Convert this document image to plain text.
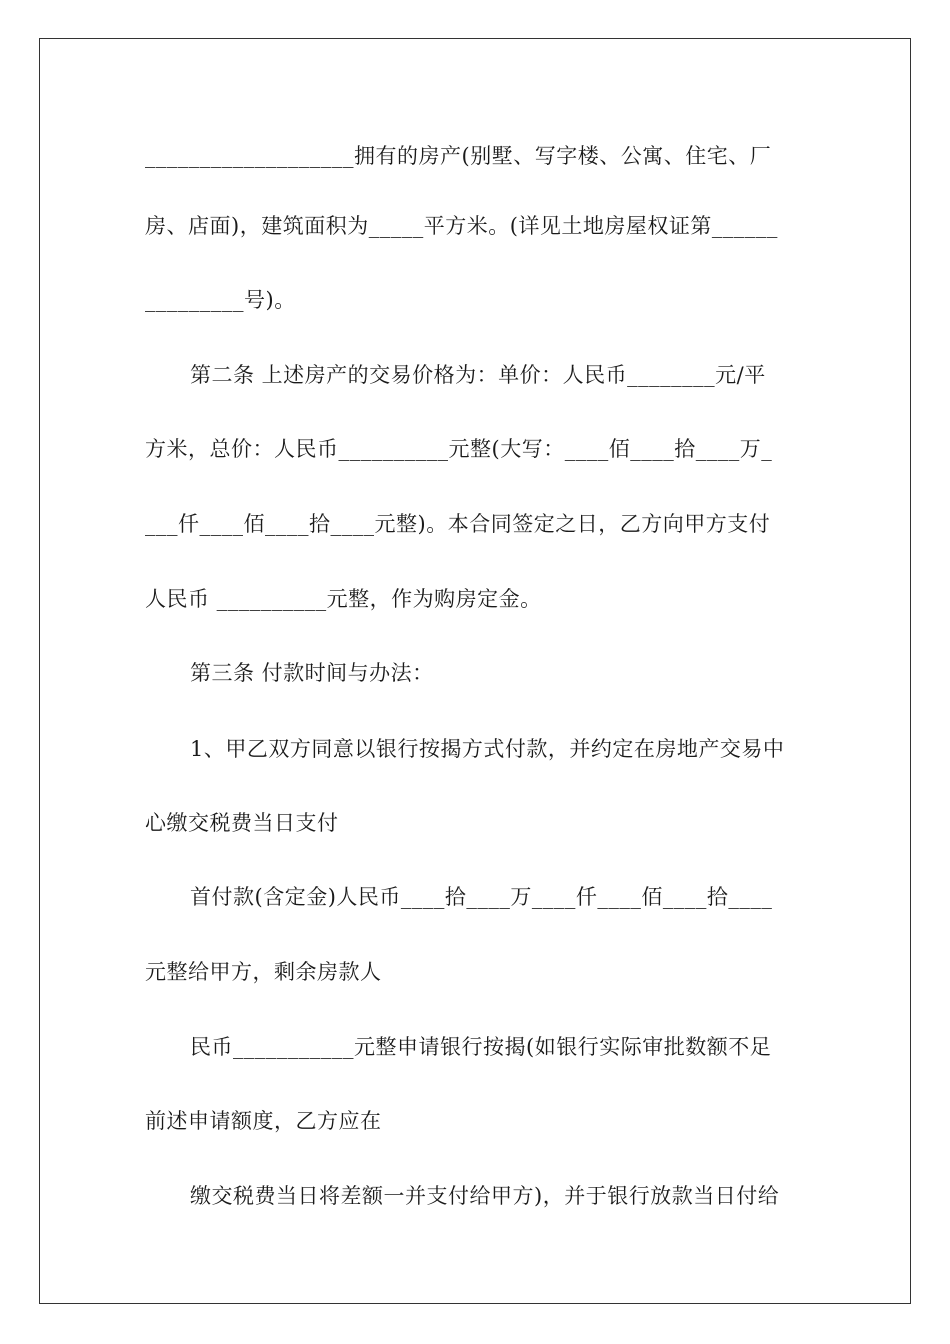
___________________拥有的房产(别墅、写字楼、公寓、住宅、厂
房、店面)，建筑面积为_____平方米。(详见土地房屋权证第______
_________号)。
第二条 上述房产的交易价格为：单价：人民币________元/平
方米，总价：人民币__________元整(大写：____佰____拾____万_
___仟____佰____拾____元整)。本合同签定之日，乙方向甲方支付
人民币 __________元整，作为购房定金。
第三条 付款时间与办法：
1、甲乙双方同意以银行按揭方式付款，并约定在房地产交易中
心缴交税费当日支付
首付款(含定金)人民币____拾____万____仟____佰____拾____
元整给甲方，剩余房款人
民币___________元整申请银行按揭(如银行实际审批数额不足
前述申请额度，乙方应在
缴交税费当日将差额一并支付给甲方)，并于银行放款当日付给
